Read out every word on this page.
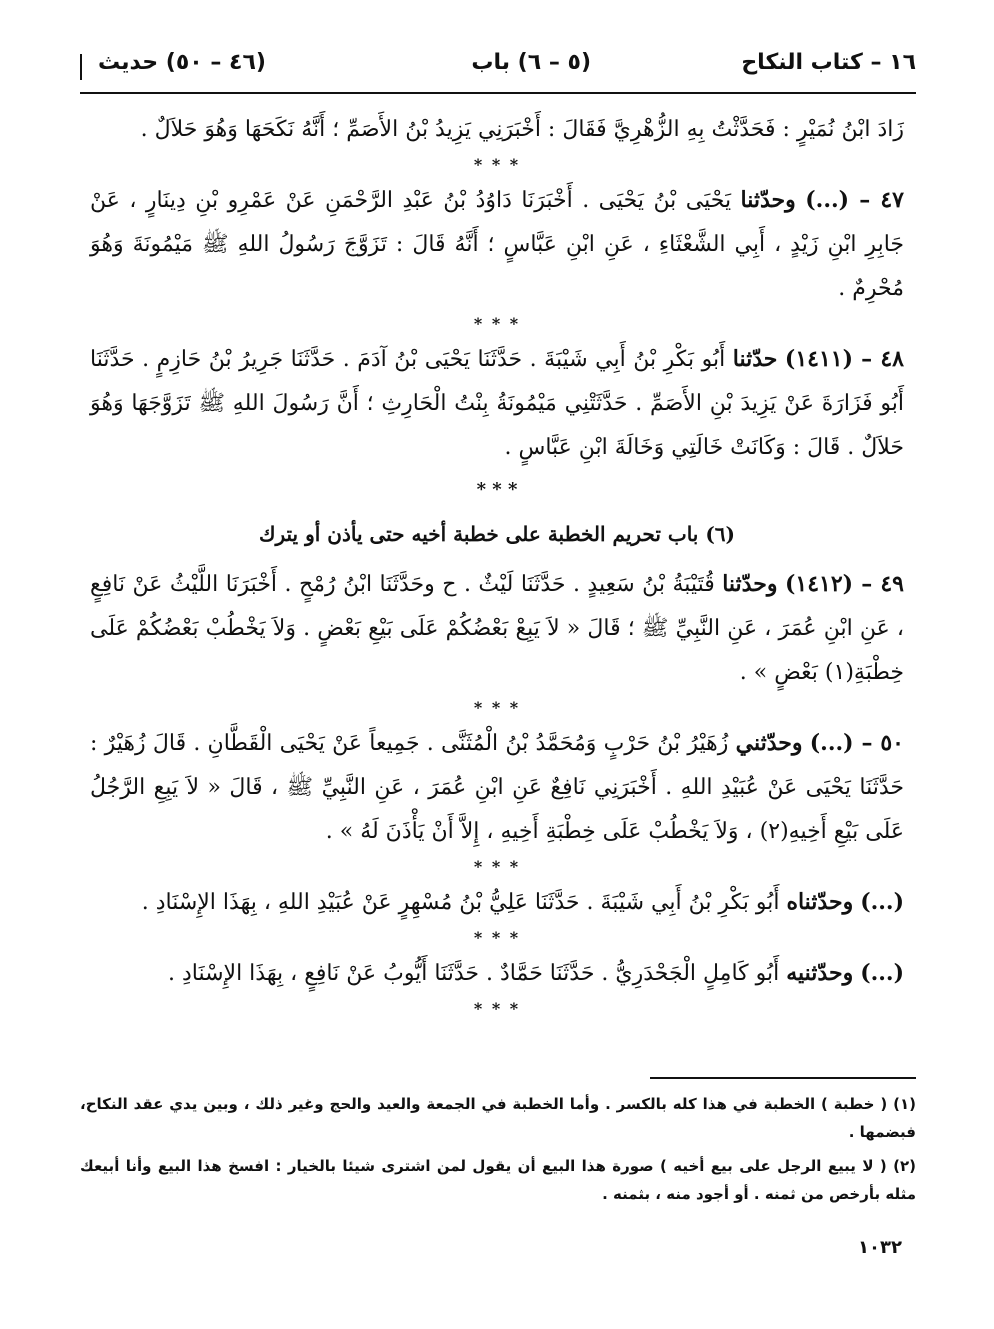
١٦ – كتاب النكاح
(٥ – ٦) باب
(٤٦ – ٥٠) حديث

زَادَ ابْنُ نُمَيْرٍ : فَحَدَّثْتُ بِهِ الزُّهْرِيَّ فَقَالَ : أَخْبَرَنِي يَزِيدُ بْنُ الأَصَمِّ ؛ أَنَّهُ نَكَحَهَا وَهُوَ حَلاَلٌ .

* * *

٤٧ – (...) وحدّثنا يَحْيَى بْنُ يَحْيَى . أَخْبَرَنَا دَاوُدُ بْنُ عَبْدِ الرَّحْمَنِ عَنْ عَمْرِو بْنِ دِينَارٍ ، عَنْ جَابِرِ ابْنِ زَيْدٍ ، أَبِي الشَّعْثَاءِ ، عَنِ ابْنِ عَبَّاسٍ ؛ أَنَّهُ قَالَ : تَزَوَّجَ رَسُولُ اللهِ ﷺ مَيْمُونَةَ وَهُوَ مُحْرِمٌ .

* * *

٤٨ – (١٤١١) حدّثنا أَبُو بَكْرِ بْنُ أَبِي شَيْبَةَ . حَدَّثَنَا يَحْيَى بْنُ آدَمَ . حَدَّثَنَا جَرِيرُ بْنُ حَازِمٍ . حَدَّثَنَا أَبُو فَزَارَةَ عَنْ يَزِيدَ بْنِ الأَصَمِّ . حَدَّثَتْنِي مَيْمُونَةُ بِنْتُ الْحَارِثِ ؛ أَنَّ رَسُولَ اللهِ ﷺ تَزَوَّجَهَا وَهُوَ حَلاَلٌ . قَالَ : وَكَانَتْ خَالَتِي وَخَالَةَ ابْنِ عَبَّاسٍ .

* * *
(٦) باب تحريم الخطبة على خطبة أخيه حتى يأذن أو يترك

٤٩ – (١٤١٢) وحدّثنا قُتَيْبَةُ بْنُ سَعِيدٍ . حَدَّثَنَا لَيْثٌ . ح وحَدَّثَنَا ابْنُ رُمْحٍ . أَخْبَرَنَا اللَّيْثُ عَنْ نَافِعٍ ، عَنِ ابْنِ عُمَرَ ، عَنِ النَّبِيِّ ﷺ ؛ قَالَ « لاَ يَبِعْ بَعْضُكُمْ عَلَى بَيْعِ بَعْضٍ . وَلاَ يَخْطُبْ بَعْضُكُمْ عَلَى خِطْبَةِ(١) بَعْضٍ » .

* * *

٥٠ – (...) وحدّثني زُهَيْرُ بْنُ حَرْبٍ وَمُحَمَّدُ بْنُ الْمُثَنَّى . جَمِيعاً عَنْ يَحْيَى الْقَطَّانِ . قَالَ زُهَيْرٌ : حَدَّثَنَا يَحْيَى عَنْ عُبَيْدِ اللهِ . أَخْبَرَنِي نَافِعٌ عَنِ ابْنِ عُمَرَ ، عَنِ النَّبِيِّ ﷺ ، قَالَ « لاَ يَبِعِ الرَّجُلُ عَلَى بَيْعِ أَخِيهِ(٢) ، وَلاَ يَخْطُبْ عَلَى خِطْبَةِ أَخِيهِ ، إِلاَّ أَنْ يَأْذَنَ لَهُ » .

* * *

(...) وحدّثناه أَبُو بَكْرِ بْنُ أَبِي شَيْبَةَ . حَدَّثَنَا عَلِيُّ بْنُ مُسْهِرٍ عَنْ عُبَيْدِ اللهِ ، بِهَذَا الإِسْنَادِ .

* * *

(...) وحدّثنيه أَبُو كَامِلٍ الْجَحْدَرِيُّ . حَدَّثَنَا حَمَّادٌ . حَدَّثَنَا أَيُّوبُ عَنْ نَافِعٍ ، بِهَذَا الإِسْنَادِ .

* * *

(١) ( خطبة ) الخطبة في هذا كله بالكسر . وأما الخطبة في الجمعة والعيد والحج وغير ذلك ، وبين يدي عقد النكاح، فبضمها .

(٢) ( لا يبيع الرجل على بيع أخيه ) صورة هذا البيع أن يقول لمن اشترى شيئا بالخيار : افسخ هذا البيع وأنا أبيعك مثله بأرخص من ثمنه . أو أجود منه ، بثمنه .

١٠٣٢
